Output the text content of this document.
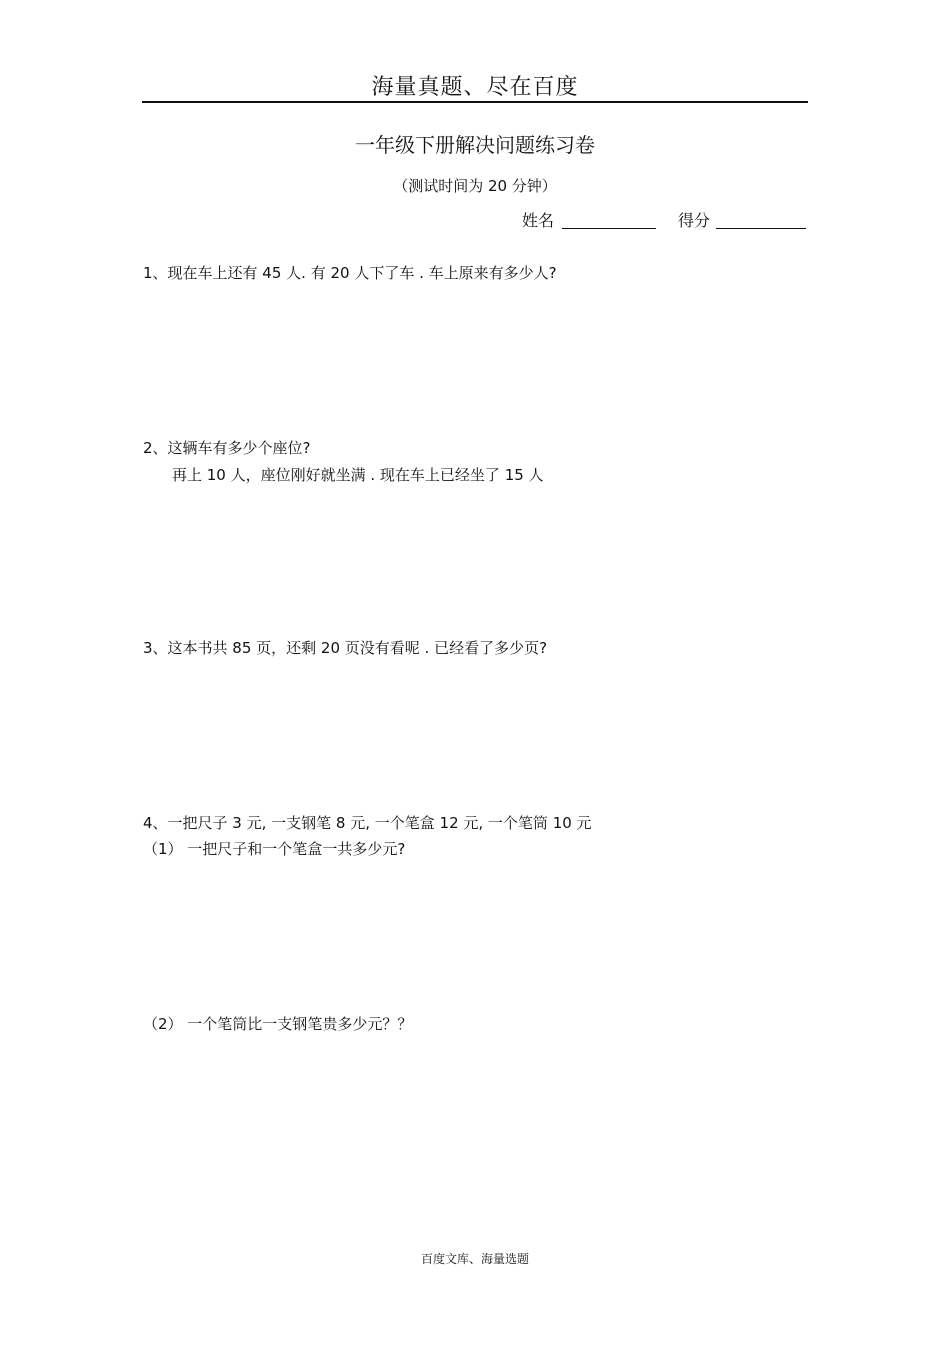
海量真题、尽在百度
一年级下册解决问题练习卷
（测试时间为 20 分钟）
姓名	得分
1、现在车上还有 45 人. 有 20 人下了车 . 车上原来有多少人?
2、这辆车有多少个座位?
再上 10 人，座位刚好就坐满 . 现在车上已经坐了 15 人
3、这本书共 85 页，还剩 20 页没有看呢 . 已经看了多少页?
4、一把尺子 3 元, 一支钢笔 8 元, 一个笔盒 12 元, 一个笔筒 10 元
（1） 一把尺子和一个笔盒一共多少元?
（2） 一个笔筒比一支钢笔贵多少元？？
百度文库、海量选题
